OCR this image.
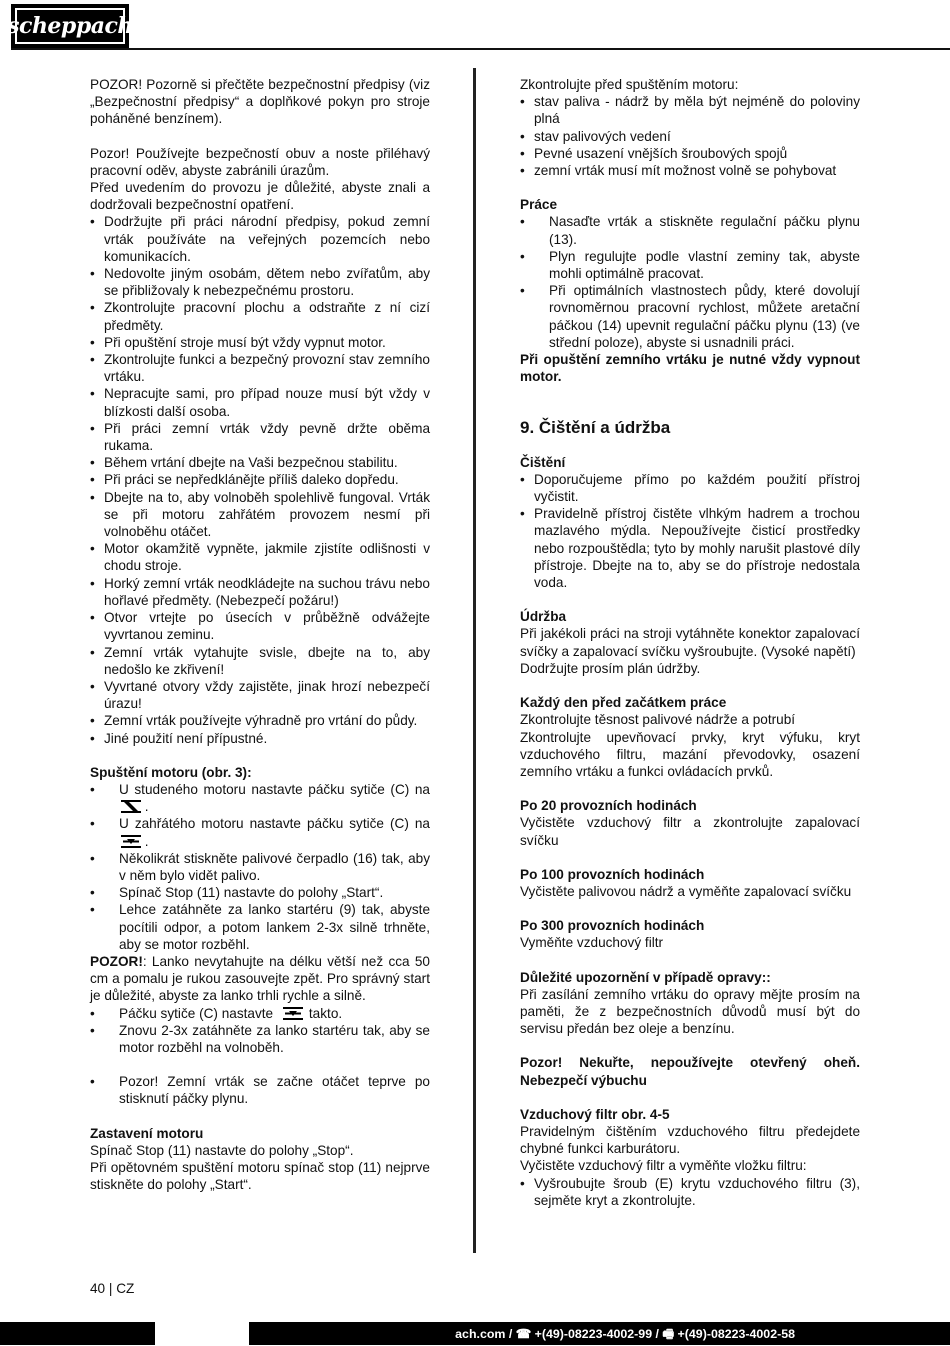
scheppach

POZOR! Pozorně si přečtěte bezpečnostní předpisy (viz „Bezpečnostní předpisy“ a doplňkové pokyn pro stroje poháněné benzínem).

Pozor! Používejte bezpečností obuv a noste přiléhavý pracovní oděv, abyste zabránili úrazům.

Před uvedením do provozu je důležité, abyste znali a dodržovali bezpečnostní opatření.

• Dodržujte při práci národní předpisy, pokud zemní vrták používáte na veřejných pozemcích nebo komunikacích.
• Nedovolte jiným osobám, dětem nebo zvířatům, aby se přibližovaly k nebezpečnému prostoru.
• Zkontrolujte pracovní plochu a odstraňte z ní cizí předměty.
• Při opuštění stroje musí být vždy vypnut motor.
• Zkontrolujte funkci a bezpečný provozní stav zemního vrtáku.
• Nepracujte sami, pro případ nouze musí být vždy v blízkosti další osoba.
• Při práci zemní vrták vždy pevně držte oběma rukama.
• Během vrtání dbejte na Vaši bezpečnou stabilitu.
• Při práci se nepředklánějte příliš daleko dopředu.
• Dbejte na to, aby volnoběh spolehlivě fungoval. Vrták se při motoru zahřátém provozem nesmí při volnoběhu otáčet.
• Motor okamžitě vypněte, jakmile zjistíte odlišnosti v chodu stroje.
• Horký zemní vrták neodkládejte na suchou trávu nebo hořlavé předměty. (Nebezpečí požáru!)
• Otvor vrtejte po úsecích v průběžně odvážejte vyvrtanou zeminu.
• Zemní vrták vytahujte svisle, dbejte na to, aby nedošlo ke zkřivení!
• Vyvrtané otvory vždy zajistěte, jinak hrozí nebezpečí úrazu!
• Zemní vrták používejte výhradně pro vrtání do půdy.
• Jiné použití není přípustné.

Spuštění motoru (obr. 3):

• U studeného motoru nastavte páčku sytiče (C) na  .
• U zahřátého motoru nastavte páčku sytiče (C) na  .
• Několikrát stiskněte palivové čerpadlo (16) tak, aby v něm bylo vidět palivo.
• Spínač Stop (11) nastavte do polohy „Start“.
• Lehce zatáhněte za lanko startéru (9) tak, abyste pocítili odpor, a potom lankem 2-3x silně trhněte, aby se motor rozběhl.

POZOR!: Lanko nevytahujte na délku větší než cca 50 cm a pomalu je rukou zasouvejte zpět. Pro správný start je důležité, abyste za lanko trhli rychle a silně.

• Páčku sytiče (C) nastavte	takto.
• Znovu 2-3x zatáhněte za lanko startéru tak, aby se motor rozběhl na volnoběh.
• Pozor! Zemní vrták se začne otáčet teprve po stisknutí páčky plynu.

Zastavení motoru

Spínač Stop (11) nastavte do polohy „Stop“.

Při opětovném spuštění motoru spínač stop (11) nejprve stiskněte do polohy „Start“.

Zkontrolujte před spuštěním motoru:

• stav paliva - nádrž by měla být nejméně do poloviny plná
• stav palivových vedení
• Pevné usazení vnějších šroubových spojů
• zemní vrták musí mít možnost volně se pohybovat

Práce

• Nasaďte vrták a stiskněte regulační páčku plynu (13).
• Plyn regulujte podle vlastní zeminy tak, abyste mohli optimálně pracovat.
• Při optimálních vlastnostech půdy, které dovolují rovnoměrnou pracovní rychlost, můžete aretační páčkou (14) upevnit regulační páčku plynu (13) (ve střední poloze), abyste si usnadnili práci.

Při opuštění zemního vrtáku je nutné vždy vypnout motor.

9. Čištění a údržba

Čištění

• Doporučujeme přímo po každém použití přístroj vyčistit.
• Pravidelně přístroj čistěte vlhkým hadrem a trochou mazlavého mýdla. Nepoužívejte čisticí prostředky nebo rozpouštědla; tyto by mohly narušit plastové díly přístroje. Dbejte na to, aby se do přístroje nedostala voda.

Údržba

Při jakékoli práci na stroji vytáhněte konektor zapalovací svíčky a zapalovací svíčku vyšroubujte. (Vysoké napětí)

Dodržujte prosím plán údržby.

Každý den před začátkem práce

Zkontrolujte těsnost palivové nádrže a potrubí

Zkontrolujte upevňovací prvky, kryt výfuku, kryt vzduchového filtru, mazání převodovky, osazení zemního vrtáku a funkci ovládacích prvků.

Po 20 provozních hodinách

Vyčistěte vzduchový filtr a zkontrolujte zapalovací svíčku

Po 100 provozních hodinách

Vyčistěte palivovou nádrž a vyměňte zapalovací svíčku

Po 300 provozních hodinách

Vyměňte vzduchový filtr

Důležité upozornění v případě opravy::

Při zasílání zemního vrtáku do opravy mějte prosím na paměti, že z bezpečnostních důvodů musí být do servisu předán bez oleje a benzínu.

Pozor! Nekuřte, nepoužívejte otevřený oheň. Nebezpečí výbuchu

Vzduchový filtr obr. 4-5

Pravidelným čištěním vzduchového filtru předejdete chybné funkci karburátoru.

Vyčistěte vzduchový filtr a vyměňte vložku filtru:

• Vyšroubujte šroub (E) krytu vzduchového filtru (3), sejměte kryt a zkontrolujte.
40 | CZ
ach.com / ☎ +(49)-08223-4002-99 / 🖷 +(49)-08223-4002-58
